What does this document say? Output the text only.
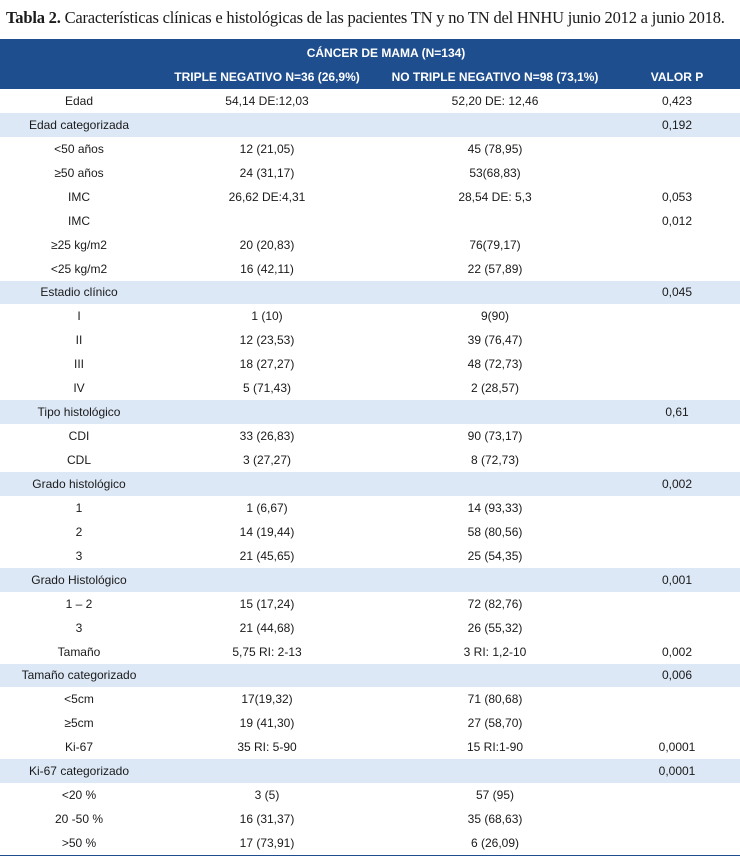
Tabla 2. Características clínicas e histológicas de las pacientes TN y no TN del HNHU junio 2012 a junio 2018.
	CÁNCER DE MAMA (N=134)		
	TRIPLE NEGATIVO N=36 (26,9%)	NO TRIPLE NEGATIVO N=98 (73,1%)	VALOR P
Edad	54,14 DE:12,03	52,20 DE: 12,46	0,423
Edad categorizada			0,192
<50 años	12 (21,05)	45 (78,95)	
≥50 años	24 (31,17)	53(68,83)	
IMC	26,62 DE:4,31	28,54 DE: 5,3	0,053
IMC			0,012
≥25 kg/m2	20 (20,83)	76(79,17)	
<25 kg/m2	16 (42,11)	22 (57,89)	
Estadio clínico			0,045
I	1 (10)	9(90)	
II	12 (23,53)	39 (76,47)	
III	18 (27,27)	48 (72,73)	
IV	5 (71,43)	2 (28,57)	
Tipo histológico			0,61
CDI	33 (26,83)	90 (73,17)	
CDL	3 (27,27)	8 (72,73)	
Grado histológico			0,002
1	1 (6,67)	14 (93,33)	
2	14 (19,44)	58 (80,56)	
3	21 (45,65)	25 (54,35)	
Grado Histológico			0,001
1 – 2	15 (17,24)	72 (82,76)	
3	21 (44,68)	26 (55,32)	
Tamaño	5,75 RI: 2-13	3 RI: 1,2-10	0,002
Tamaño categorizado			0,006
<5cm	17(19,32)	71 (80,68)	
≥5cm	19 (41,30)	27 (58,70)	
Ki-67	35 RI: 5-90	15 RI:1-90	0,0001
Ki-67 categorizado			0,0001
<20 %	3 (5)	57 (95)	
20 -50 %	16 (31,37)	35 (68,63)	
>50 %	17 (73,91)	6 (26,09)	
